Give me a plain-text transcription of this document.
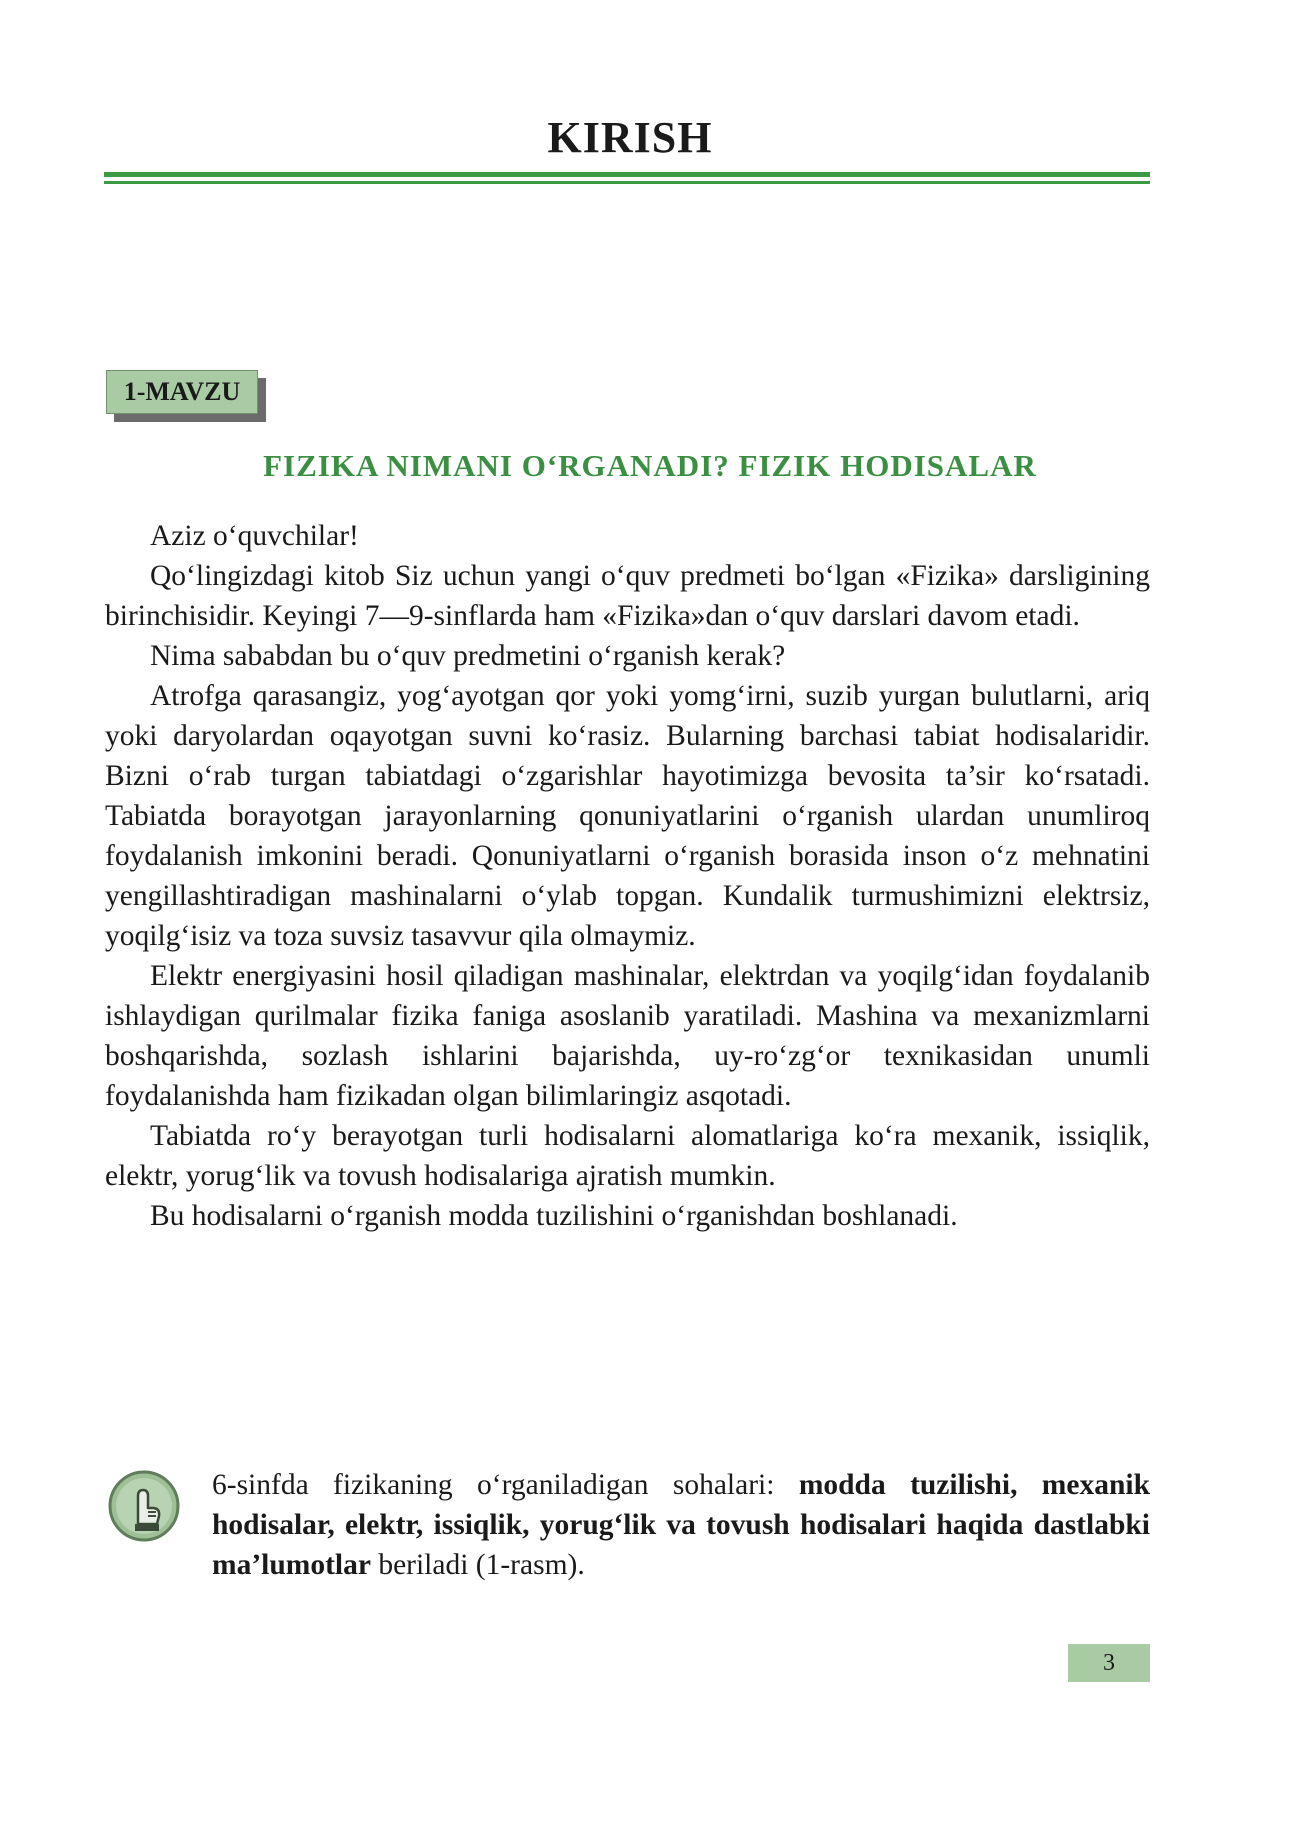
KIRISH
1-MAVZU
FIZIKA NIMANI O‘RGANADI? FIZIK HODISALAR

Aziz o‘quvchilar!

Qo‘lingizdagi kitob Siz uchun yangi o‘quv predmeti bo‘lgan «Fizika» darsligining birinchisidir. Keyingi 7—9-sinflarda ham «Fizika»dan o‘quv darslari davom etadi.

Nima sababdan bu o‘quv predmetini o‘rganish kerak?

Atrofga qarasangiz, yog‘ayotgan qor yoki yomg‘irni, suzib yurgan bulutlarni, ariq yoki daryolardan oqayotgan suvni ko‘rasiz. Bularning barchasi tabiat hodisalaridir. Bizni o‘rab turgan tabiatdagi o‘zgarishlar hayotimizga bevosita ta’sir ko‘rsatadi. Tabiatda borayotgan jarayonlarning qonuniyatlarini o‘rganish ulardan unumliroq foydalanish imkonini beradi. Qonuniyatlarni o‘rganish borasida inson o‘z mehnatini yengillashtiradigan mashinalarni o‘ylab topgan. Kundalik turmushimizni elektrsiz, yoqilg‘isiz va toza suvsiz tasavvur qila olmaymiz.

Elektr energiyasini hosil qiladigan mashinalar, elektrdan va yoqilg‘idan foydalanib ishlaydigan qurilmalar fizika faniga asoslanib yaratiladi. Mashina va mexanizmlarni boshqarishda, sozlash ishlarini bajarishda, uy-ro‘zg‘or texnikasidan unumli foydalanishda ham fizikadan olgan bilimlaringiz asqotadi.

Tabiatda ro‘y berayotgan turli hodisalarni alomatlariga ko‘ra mexanik, issiqlik, elektr, yorug‘lik va tovush hodisalariga ajratish mumkin.

Bu hodisalarni o‘rganish modda tuzilishini o‘rganishdan boshlanadi.

6-sinfda fizikaning o‘rganiladigan sohalari: modda tuzilishi, mexanik hodisalar, elektr, issiqlik, yorug‘lik va tovush hodisalari haqida dastlabki ma’lumotlar beriladi (1-rasm).
3
